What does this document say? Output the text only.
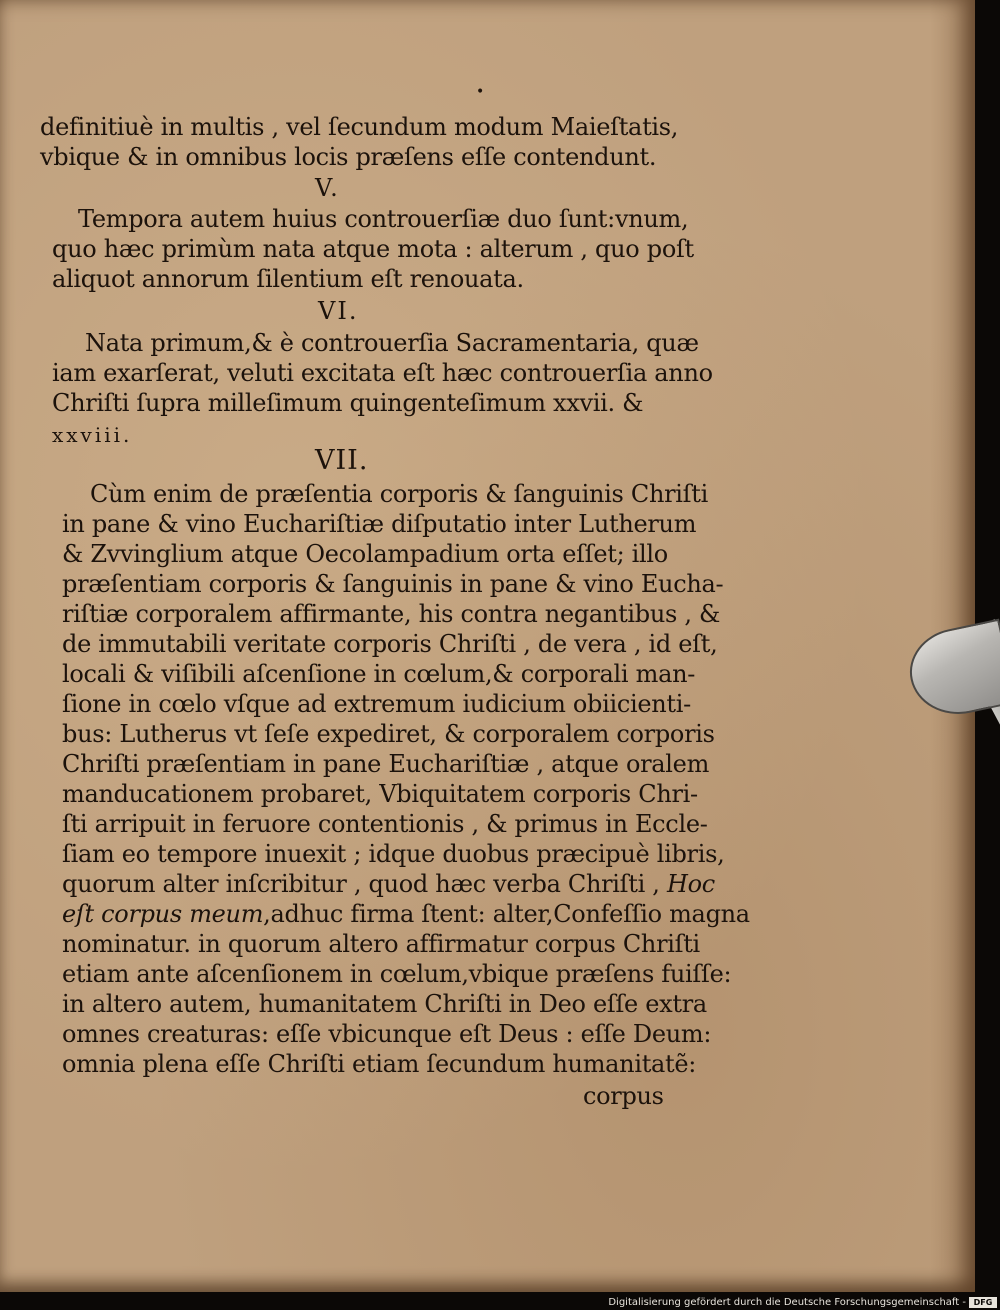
•
definitiuè in multis , vel ſecundum modum Maieſtatis,
vbique & in omnibus locis præſens eſſe contendunt.
V.
Tempora autem huius controuerſiæ duo ſunt:vnum,
quo hæc primùm nata atque mota : alterum , quo poſt
aliquot annorum ſilentium eſt renouata.
VI.
Nata primum,& è controuerſia Sacramentaria, quæ
iam exarſerat, veluti excitata eſt hæc controuerſia anno
Chriſti ſupra milleſimum quingenteſimum xxvii. &
xxviii.
VII.
Cùm enim de præſentia corporis & ſanguinis Chriſti
in pane & vino Euchariſtiæ diſputatio inter Lutherum
& Zvvinglium atque Oecolampadium orta eſſet; illo
præſentiam corporis & ſanguinis in pane & vino Eucha-
riſtiæ corporalem affirmante, his contra negantibus , &
de immutabili veritate corporis Chriſti , de vera , id eſt,
locali & viſibili aſcenſione in cœlum,& corporali man-
ſione in cœlo vſque ad extremum iudicium obiicienti-
bus: Lutherus vt ſeſe expediret, & corporalem corporis
Chriſti præſentiam in pane Euchariſtiæ , atque oralem
manducationem probaret, Vbiquitatem corporis Chri-
ſti arripuit in feruore contentionis , & primus in Eccle-
ſiam eo tempore inuexit ; idque duobus præcipuè libris,
quorum alter inſcribitur , quod hæc verba Chriſti , Hoc
eſt corpus meum,adhuc firma ſtent: alter,Confeſſio magna
nominatur. in quorum altero affirmatur corpus Chriſti
etiam ante aſcenſionem in cœlum,vbique præſens fuiſſe:
in altero autem, humanitatem Chriſti in Deo eſſe extra
omnes creaturas: eſſe vbicunque eſt Deus : eſſe Deum:
omnia plena eſſe Chriſti etiam ſecundum humanitatẽ:
corpus
Digitalisierung gefördert durch die Deutsche Forschungsgemeinschaft - DFG
